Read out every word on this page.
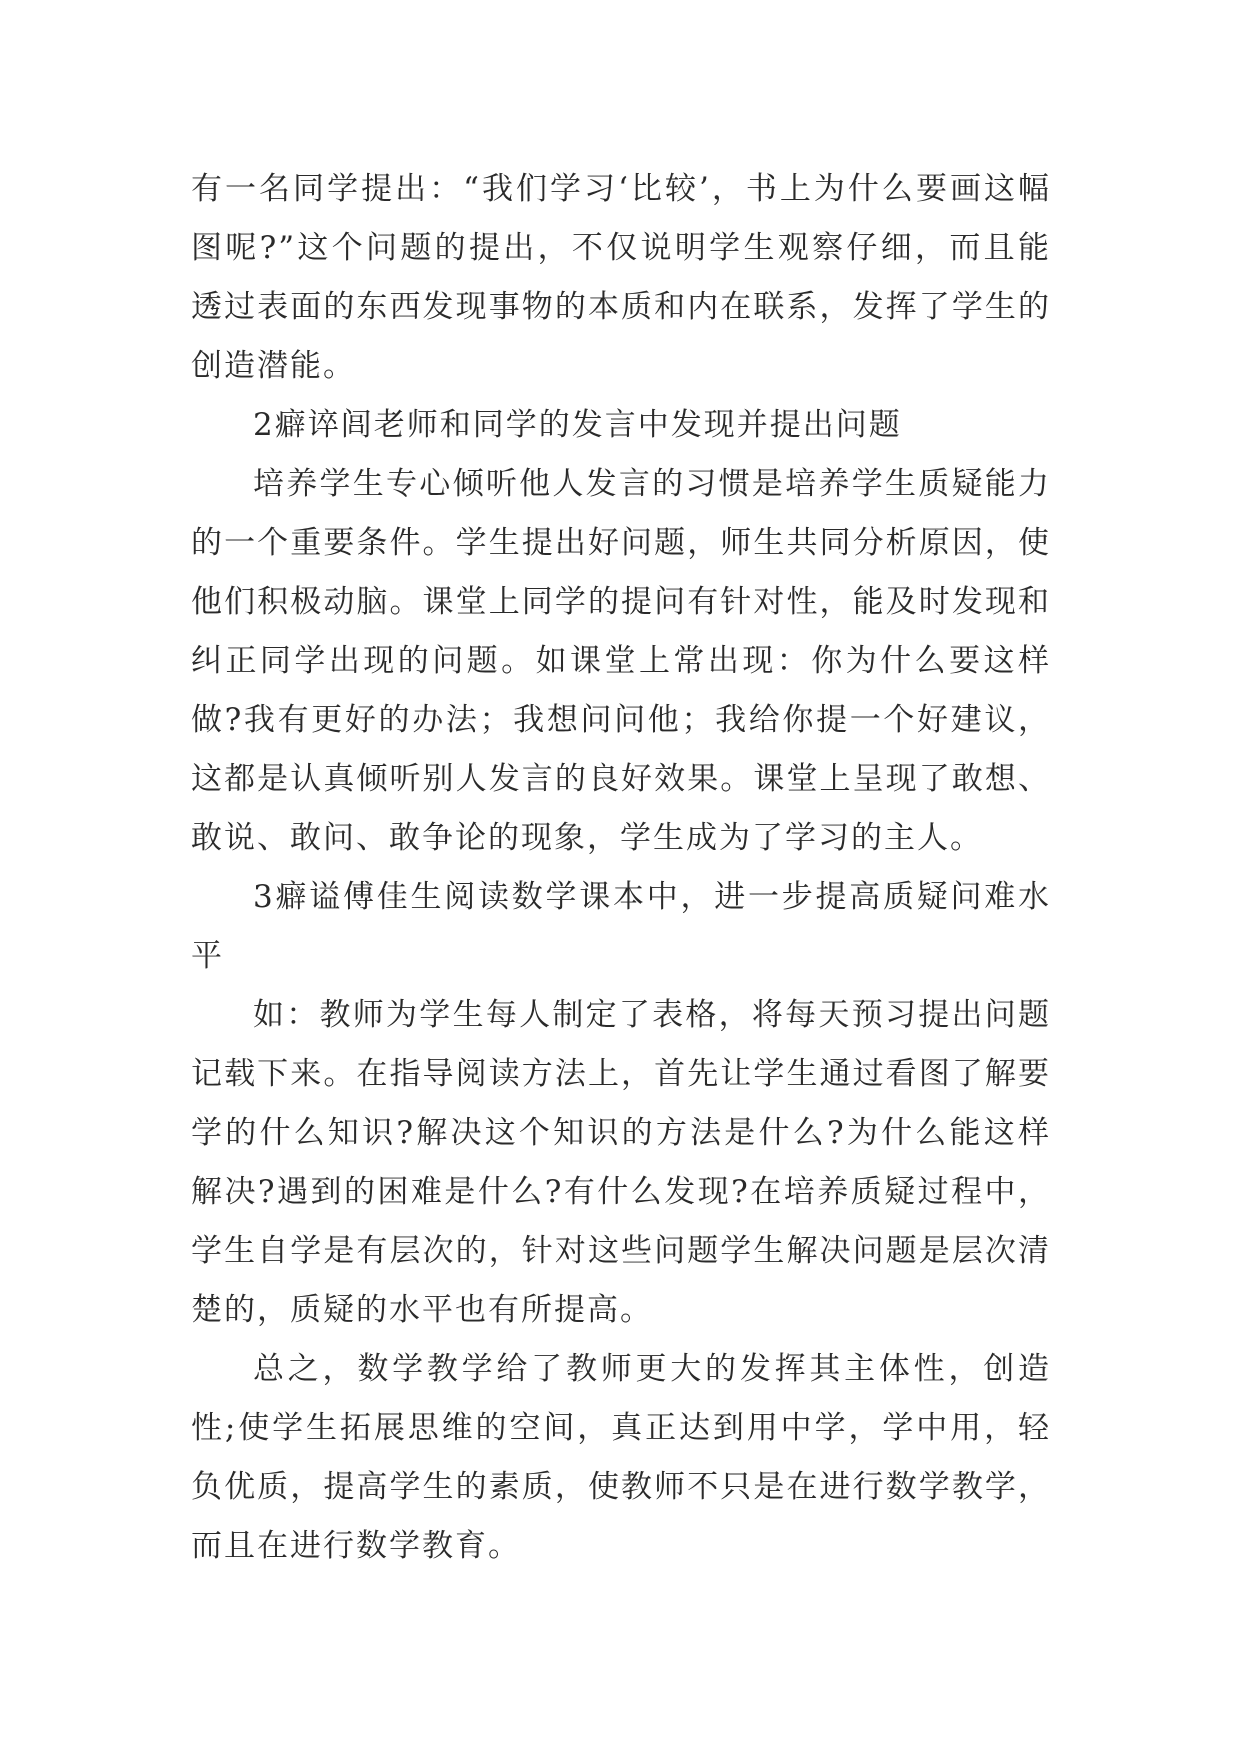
有一名同学提出：“我们学习‘比较’，书上为什么要画这幅图呢?”这个问题的提出，不仅说明学生观察仔细，而且能透过表面的东西发现事物的本质和内在联系，发挥了学生的创造潜能。

2癖谇闾老师和同学的发言中发现并提出问题

培养学生专心倾听他人发言的习惯是培养学生质疑能力的一个重要条件。学生提出好问题，师生共同分析原因，使他们积极动脑。课堂上同学的提问有针对性，能及时发现和纠正同学出现的问题。如课堂上常出现：你为什么要这样做?我有更好的办法；我想问问他；我给你提一个好建议，这都是认真倾听别人发言的良好效果。课堂上呈现了敢想、敢说、敢问、敢争论的现象，学生成为了学习的主人。

3癖谥傅佳生阅读数学课本中，进一步提高质疑问难水平

如：教师为学生每人制定了表格，将每天预习提出问题记载下来。在指导阅读方法上，首先让学生通过看图了解要学的什么知识?解决这个知识的方法是什么?为什么能这样解决?遇到的困难是什么?有什么发现?在培养质疑过程中，学生自学是有层次的，针对这些问题学生解决问题是层次清楚的，质疑的水平也有所提高。

总之，数学教学给了教师更大的发挥其主体性，创造性;使学生拓展思维的空间，真正达到用中学，学中用，轻负优质，提高学生的素质，使教师不只是在进行数学教学，而且在进行数学教育。
